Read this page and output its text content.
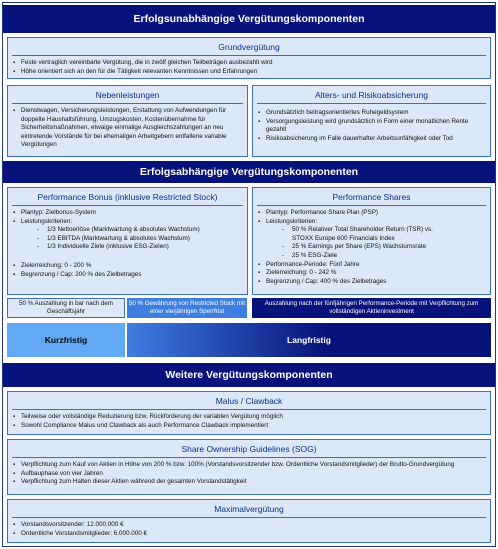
Erfolgsunabhängige Vergütungskomponenten
Grundvergütung
▪ Feste vertraglich vereinbarte Vergütung, die in zwölf gleichen Teilbeträgen ausbezahlt wird
▪ Höhe orientiert sich an den für die Tätigkeit relevanten Kenntnissen und Erfahrungen
Nebenleistungen
▪ Dienstwagen, Versicherungsleistungen, Erstattung von Aufwendungen für doppelte Haushaltsführung, Umzugskosten, Kostenübernahme für Sicherheitsmaßnahmen, etwaige einmalige Ausgleichszahlungen an neu eintretende Vorstände für bei ehemaligen Arbeitgebern entfallene variable Vergütungen
Alters- und Risikoabsicherung
▪ Grundsätzlich beitragsorientiertes Ruhegeldsystem
▪ Versorgungsleistung wird grundsätzlich in Form einer monatlichen Rente gezahlt
▪ Risikoabsicherung im Falle dauerhafter Arbeitsunfähigkeit oder Tod
Erfolgsabhängige Vergütungskomponenten
Performance Bonus (inklusive Restricted Stock)
▪ Plantyp: Zielbonus-System
▪ Leistungskriterien:
- 1/3 Nettoerlöse (Marktwartung & absolutes Wachstum)
- 1/3 EBITDA (Marktwartung & absolutes Wachstum)
- 1/3 Individuelle Ziele (inklusive ESG-Zielen)
▪ Zielerreichung: 0 - 200 %
▪ Begrenzung / Cap: 200 % des Zielbetrages
Performance Shares
▪ Plantyp: Performance Share Plan (PSP)
▪ Leistungskriterien:
- 50 % Relativer Total Shareholder Return (TSR) vs.
STOXX Europe 600 Financials Index
- 25 % Earnings per Share (EPS) Wachstumsrate
- 25 % ESG-Ziele
▪ Performance-Periode: Fünf Jahre
▪ Zielerreichung: 0 - 242 %
▪ Begrenzung / Cap: 400 % des Zielbetrages
50 % Auszahlung in bar nach dem Geschäftsjahr
50 % Gewährung von Restricted Stock mit einer vierjährigen Sperrfrist
Auszahlung nach der fünfjährigen Performance-Periode mit Verpflichtung zum vollständigen Aktieninvestment
Kurzfristig	Langfristig
Weitere Vergütungskomponenten
Malus / Clawback
▪ Teilweise oder vollständige Reduzierung bzw. Rückforderung der variablen Vergütung möglich
▪ Sowohl Compliance Malus und Clawback als auch Performance Clawback implementiert
Share Ownership Guidelines (SOG)
▪ Verpflichtung zum Kauf von Aktien in Höhe von 200 % bzw. 100% (Vorstandsvorsitzender bzw. Ordentliche Vorstandsmitglieder) der Brutto-Grundvergütung
▪ Aufbauphase von vier Jahren
▪ Verpflichtung zum Halten dieser Aktien während der gesamten Vorstandstätigkeit
Maximalvergütung
▪ Vorstandsvorsitzender: 12.000.000 €
▪ Ordentliche Vorstandsmitglieder: 6.000.000 €
